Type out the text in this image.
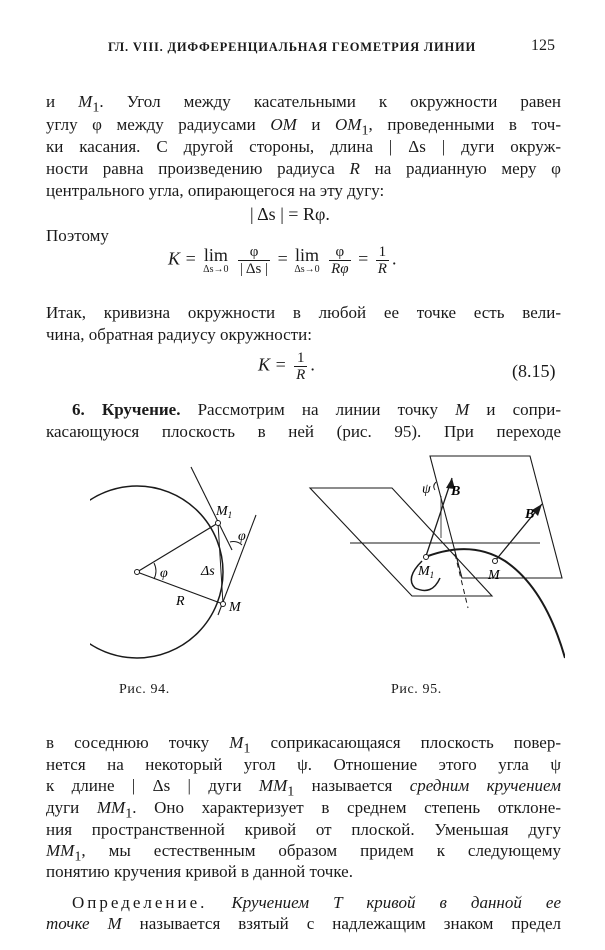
ГЛ. VIII. ДИФФЕРЕНЦИАЛЬНАЯ ГЕОМЕТРИЯ ЛИНИИ	125
и $M_1$. Угол между касательными к окружности равен
углу φ между радиусами OM и $OM_1$, проведенными в точ-
ки касания. С другой стороны, длина | Δs | дуги окруж-
ности равна произведению радиуса R на радианную меру φ
центрального угла, опирающегося на эту дугу:
| Δs | = Rφ.
Поэтому
K = lim
Δs→0
$\frac{\varphi}{| \Delta s |} = \lim$
Δs→0
$\frac{\varphi}{R\varphi} = \frac{1}{R}$ .
Итак, кривизна окружности в любой ее точке есть вели-
чина, обратная радиусу окружности:
$K = \frac{1}{R}$ .	(8.15)
6. Кручение. Рассмотрим на линии точку M и сопри-
касающуюся плоскость в ней (рис. 95). При переходе
$M_1$
M
φ
φ
Δs
R
Рис. 94.
ψ B
B
$M_1$	M
Рис. 95.
в соседнюю точку $M_1$ соприкасающаяся плоскость повер-
нется на некоторый угол ψ. Отношение этого угла ψ
к длине | Δs | дуги $MM_1$ называется средним кручением
дуги $MM_1$. Оно характеризует в среднем степень отклоне-
ния пространственной кривой от плоской. Уменьшая дугу
$MM_1$, мы естественным образом придем к следующему
понятию кручения кривой в данной точке.
Определение. Кручением T кривой в данной ее
точке M называется взятый с надлежащим знаком предел
